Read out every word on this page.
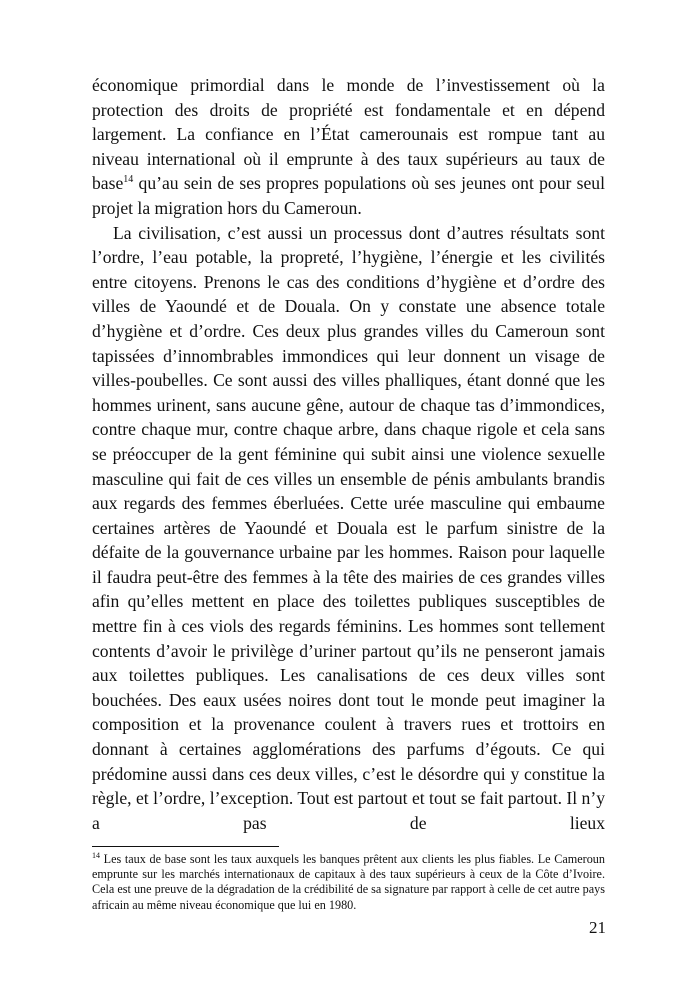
économique primordial dans le monde de l’investissement où la protection des droits de propriété est fondamentale et en dépend largement. La confiance en l’État camerounais est rompue tant au niveau international où il emprunte à des taux supérieurs au taux de base$^{14}$ qu’au sein de ses propres populations où ses jeunes ont pour seul projet la migration hors du Cameroun.

La civilisation, c’est aussi un processus dont d’autres résultats sont l’ordre, l’eau potable, la propreté, l’hygiène, l’énergie et les civilités entre citoyens. Prenons le cas des conditions d’hygiène et d’ordre des villes de Yaoundé et de Douala. On y constate une absence totale d’hygiène et d’ordre. Ces deux plus grandes villes du Cameroun sont tapissées d’innombrables immondices qui leur donnent un visage de villes-poubelles. Ce sont aussi des villes phalliques, étant donné que les hommes urinent, sans aucune gêne, autour de chaque tas d’immondices, contre chaque mur, contre chaque arbre, dans chaque rigole et cela sans se préoccuper de la gent féminine qui subit ainsi une violence sexuelle masculine qui fait de ces villes un ensemble de pénis ambulants brandis aux regards des femmes éberluées. Cette urée masculine qui embaume certaines artères de Yaoundé et Douala est le parfum sinistre de la défaite de la gouvernance urbaine par les hommes. Raison pour laquelle il faudra peut-être des femmes à la tête des mairies de ces grandes villes afin qu’elles mettent en place des toilettes publiques susceptibles de mettre fin à ces viols des regards féminins. Les hommes sont tellement contents d’avoir le privilège d’uriner partout qu’ils ne penseront jamais aux toilettes publiques. Les canalisations de ces deux villes sont bouchées. Des eaux usées noires dont tout le monde peut imaginer la composition et la provenance coulent à travers rues et trottoirs en donnant à certaines agglomérations des parfums d’égouts. Ce qui prédomine aussi dans ces deux villes, c’est le désordre qui y constitue la règle, et l’ordre, l’exception. Tout est partout et tout se fait partout. Il n’y a pas de lieux

$^{14}$ Les taux de base sont les taux auxquels les banques prêtent aux clients les plus fiables. Le Cameroun emprunte sur les marchés internationaux de capitaux à des taux supérieurs à ceux de la Côte d’Ivoire. Cela est une preuve de la dégradation de la crédibilité de sa signature par rapport à celle de cet autre pays africain au même niveau économique que lui en 1980.

21
